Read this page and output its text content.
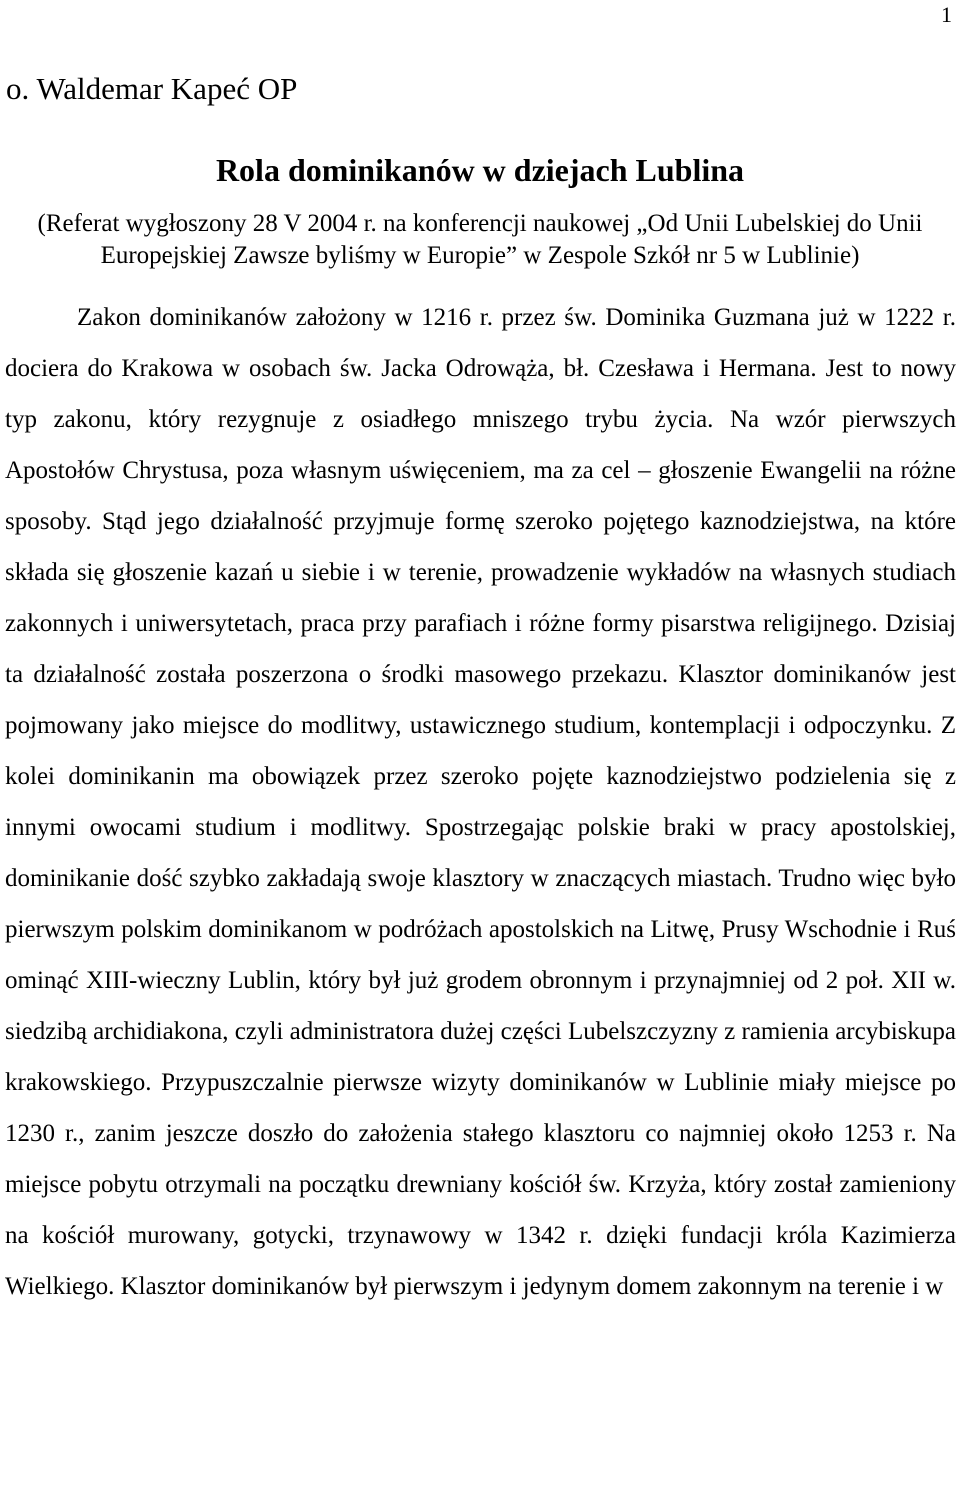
1

o. Waldemar Kapeć OP

Rola dominikanów w dziejach Lublina

(Referat wygłoszony 28 V 2004 r. na konferencji naukowej „Od Unii Lubelskiej do Unii Europejskiej Zawsze byliśmy w Europie” w Zespole Szkół nr 5 w Lublinie)

Zakon dominikanów założony w 1216 r. przez św. Dominika Guzmana już w 1222 r. dociera do Krakowa w osobach św. Jacka Odrowąża, bł. Czesława i Hermana. Jest to nowy typ zakonu, który rezygnuje z osiadłego mniszego trybu życia. Na wzór pierwszych Apostołów Chrystusa, poza własnym uświęceniem, ma za cel – głoszenie Ewangelii na różne sposoby. Stąd jego działalność przyjmuje formę szeroko pojętego kaznodziejstwa, na które składa się głoszenie kazań u siebie i w terenie, prowadzenie wykładów na własnych studiach zakonnych i uniwersytetach, praca przy parafiach i różne formy pisarstwa religijnego. Dzisiaj ta działalność została poszerzona o środki masowego przekazu. Klasztor dominikanów jest pojmowany jako miejsce do modlitwy, ustawicznego studium, kontemplacji i odpoczynku. Z kolei dominikanin ma obowiązek przez szeroko pojęte kaznodziejstwo podzielenia się z innymi owocami studium i modlitwy. Spostrzegając polskie braki w pracy apostolskiej, dominikanie dość szybko zakładają swoje klasztory w znaczących miastach. Trudno więc było pierwszym polskim dominikanom w podróżach apostolskich na Litwę, Prusy Wschodnie i Ruś ominąć XIII-wieczny Lublin, który był już grodem obronnym i przynajmniej od 2 poł. XII w. siedzibą archidiakona, czyli administratora dużej części Lubelszczyzny z ramienia arcybiskupa krakowskiego. Przypuszczalnie pierwsze wizyty dominikanów w Lublinie miały miejsce po 1230 r., zanim jeszcze doszło do założenia stałego klasztoru co najmniej około 1253 r. Na miejsce pobytu otrzymali na początku drewniany kościół św. Krzyża, który został zamieniony na kościół murowany, gotycki, trzynawowy w 1342 r. dzięki fundacji króla Kazimierza Wielkiego. Klasztor dominikanów był pierwszym i jedynym domem zakonnym na terenie i w
